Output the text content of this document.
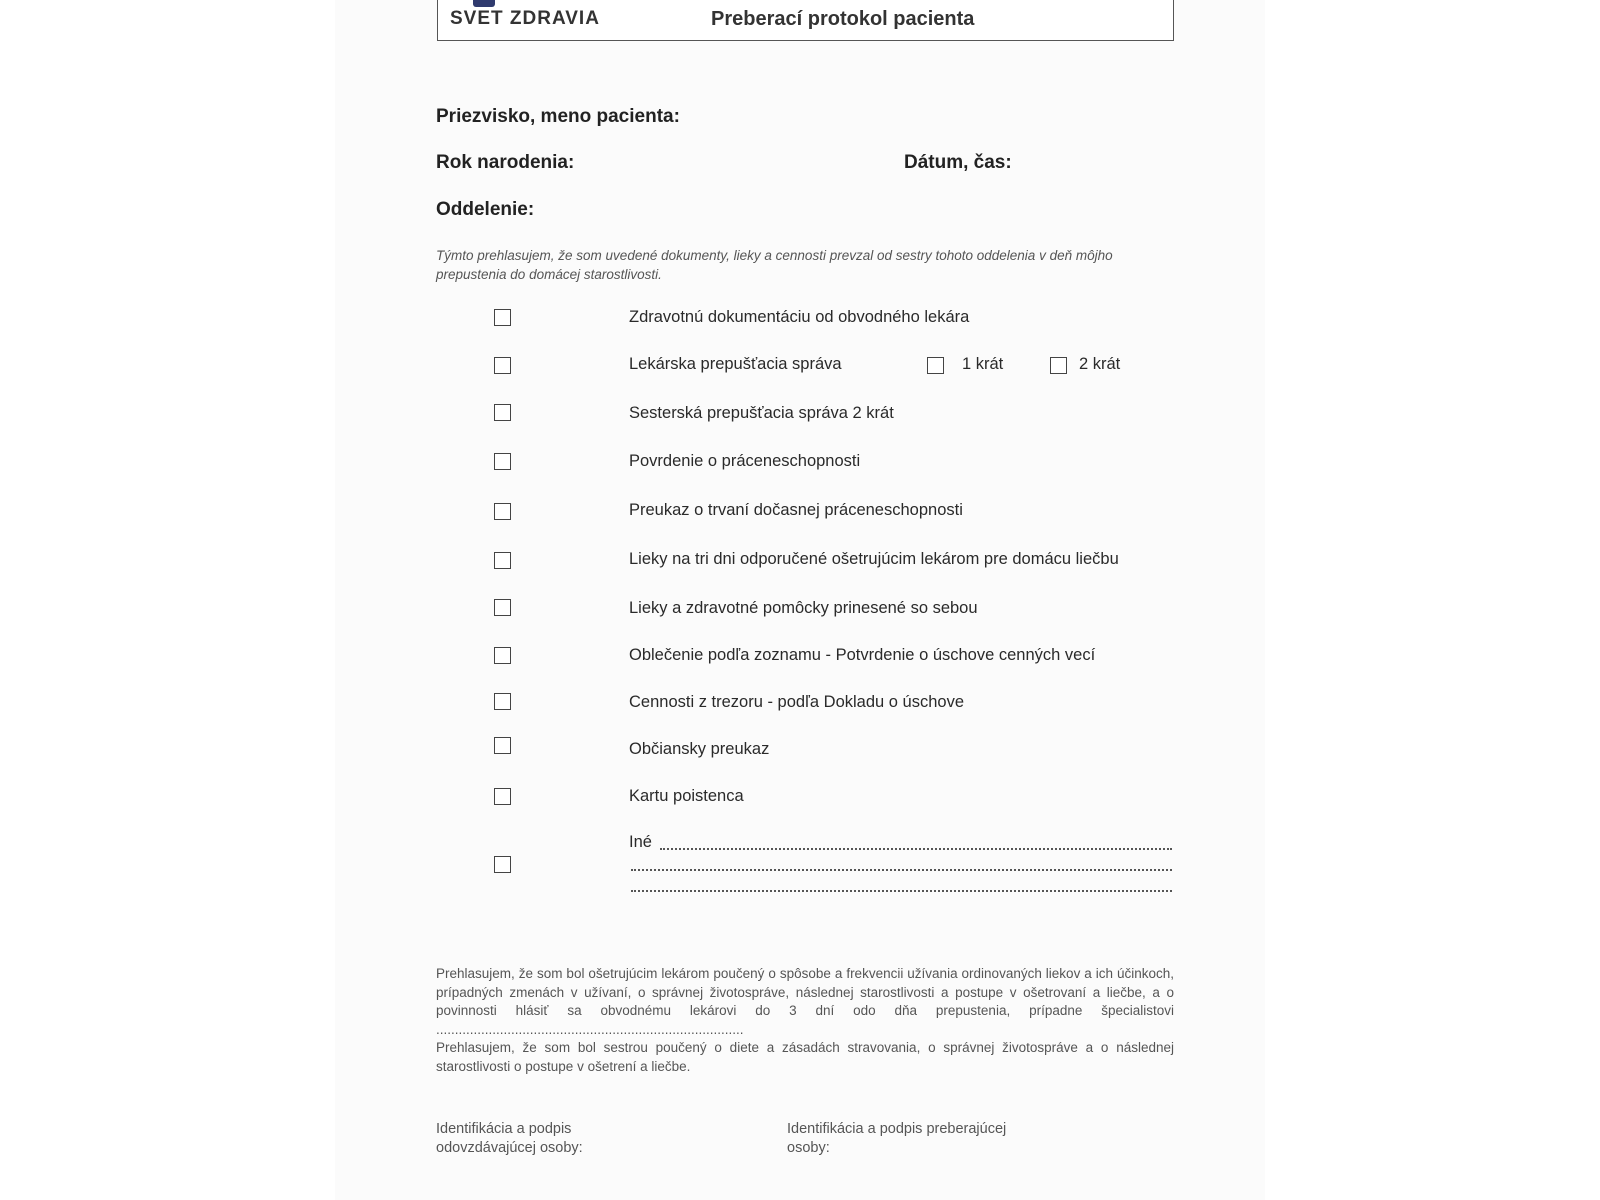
SVET ZDRAVIA	Preberací protokol pacienta
Priezvisko, meno pacienta:
Rok narodenia:	Dátum, čas:
Oddelenie:
Týmto prehlasujem, že som uvedené dokumenty, lieky a cennosti prevzal od sestry tohoto oddelenia v deň môjho prepustenia do domácej starostlivosti.
Zdravotnú dokumentáciu od obvodného lekára
Lekárska prepušťacia správa	1 krát	2 krát
Sesterská prepušťacia správa 2 krát
Povrdenie o práceneschopnosti
Preukaz o trvaní dočasnej práceneschopnosti
Lieky na tri dni odporučené ošetrujúcim lekárom pre domácu liečbu
Lieky a zdravotné pomôcky prinesené so sebou
Oblečenie podľa zoznamu - Potvrdenie o úschove cenných vecí
Cennosti z trezoru - podľa Dokladu o úschove
Občiansky preukaz
Kartu poistenca
Iné

Prehlasujem, že som bol ošetrujúcim lekárom poučený o spôsobe a frekvencii užívania ordinovaných liekov a ich účinkoch, prípadných zmenách v užívaní, o správnej životospráve, následnej starostlivosti a postupe v ošetrovaní a liečbe, a o povinnosti hlásiť sa obvodnému lekárovi do 3 dní odo dňa prepustenia, prípadne špecialistovi ..................................................................................

Prehlasujem, že som bol sestrou poučený o diete a zásadách stravovania, o správnej životospráve a o následnej starostlivosti o postupe v ošetrení a liečbe.

Identifikácia a podpis odovzdávajúcej osoby:
Identifikácia a podpis preberajúcej osoby:
